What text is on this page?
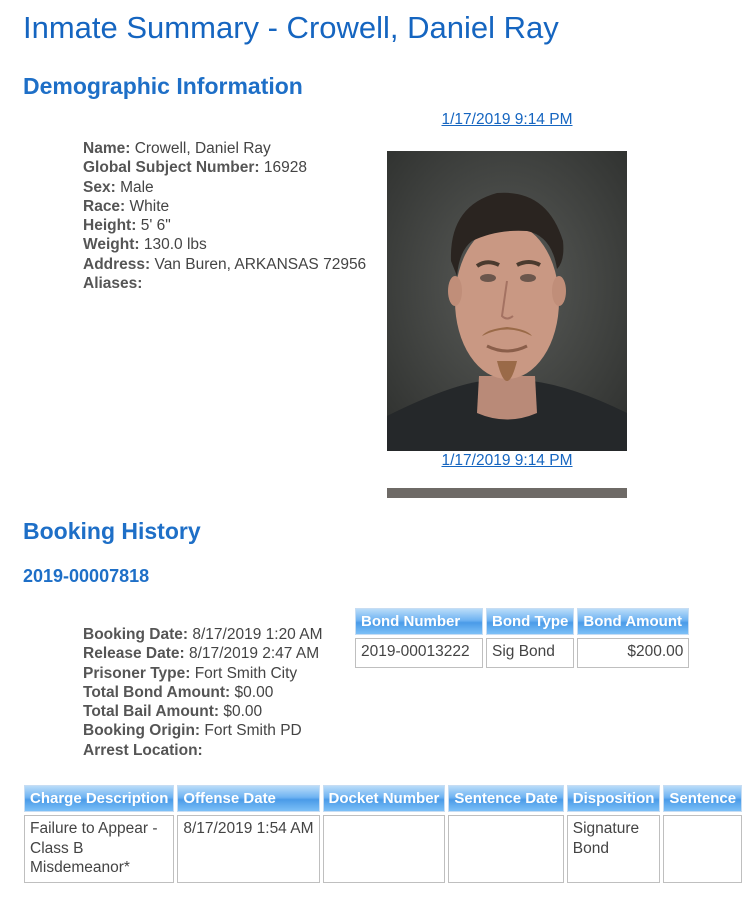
Inmate Summary - Crowell, Daniel Ray
Demographic Information
Name: Crowell, Daniel Ray
Global Subject Number: 16928
Sex: Male
Race: White
Height: 5' 6"
Weight: 130.0 lbs
Address: Van Buren, ARKANSAS 72956
Aliases:
1/17/2019 9:14 PM
1/17/2019 9:14 PM
Booking History
2019-00007818
Booking Date: 8/17/2019 1:20 AM
Release Date: 8/17/2019 2:47 AM
Prisoner Type: Fort Smith City
Total Bond Amount: $0.00
Total Bail Amount: $0.00
Booking Origin: Fort Smith PD
Arrest Location:
Bond Number	Bond Type	Bond Amount
2019-00013222	Sig Bond	$200.00
Charge Description	Offense Date	Docket Number	Sentence Date	Disposition	Sentence
Failure to Appear - Class B Misdemeanor*	8/17/2019 1:54 AM			Signature Bond	
